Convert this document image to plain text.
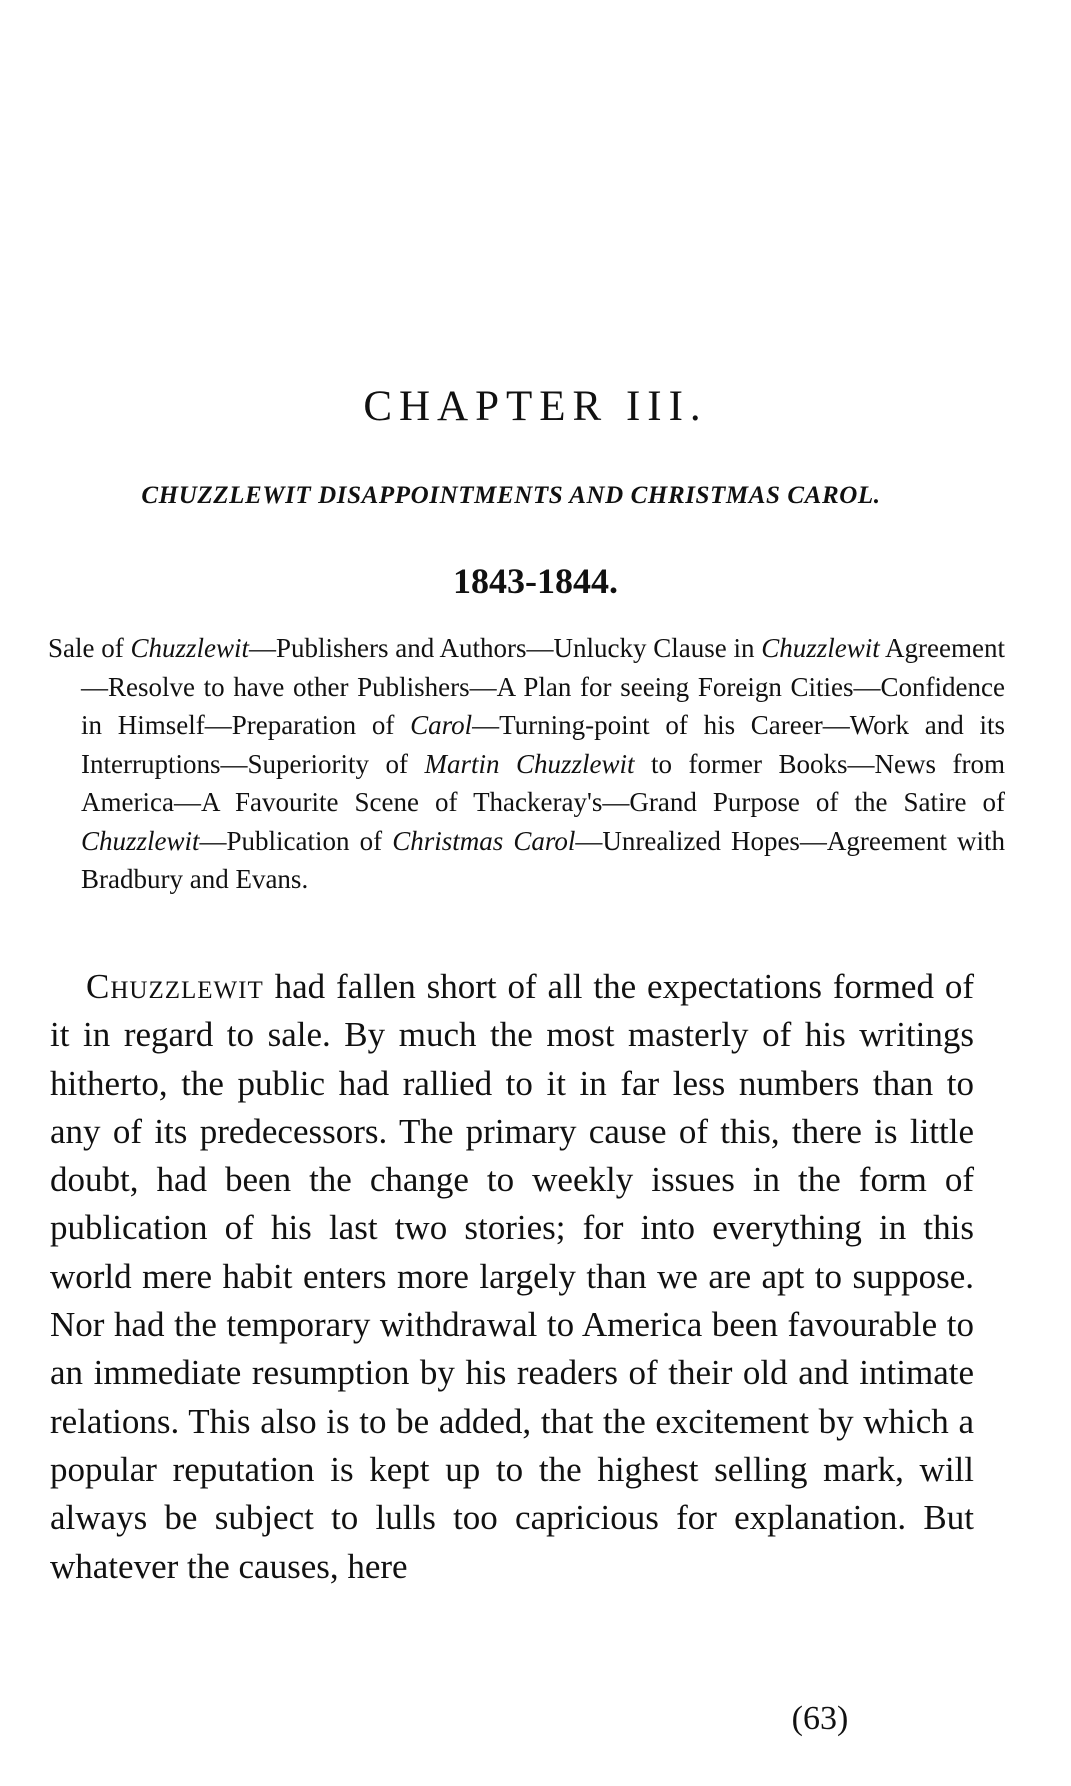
CHAPTER III.
CHUZZLEWIT DISAPPOINTMENTS AND CHRISTMAS CAROL.
1843-1844.

Sale of Chuzzlewit—Publishers and Authors—Unlucky Clause in Chuzzlewit Agreement—Resolve to have other Publishers—A Plan for seeing Foreign Cities—Confidence in Himself—Preparation of Carol—Turning-point of his Career—Work and its Interruptions—Superiority of Martin Chuzzlewit to former Books—News from America—A Favourite Scene of Thackeray's—Grand Purpose of the Satire of Chuzzlewit—Publication of Christmas Carol—Unrealized Hopes—Agreement with Bradbury and Evans.

Chuzzlewit had fallen short of all the expectations formed of it in regard to sale. By much the most masterly of his writings hitherto, the public had rallied to it in far less numbers than to any of its predecessors. The primary cause of this, there is little doubt, had been the change to weekly issues in the form of publication of his last two stories; for into everything in this world mere habit enters more largely than we are apt to suppose. Nor had the temporary withdrawal to America been favourable to an immediate resumption by his readers of their old and intimate relations. This also is to be added, that the excitement by which a popular reputation is kept up to the highest selling mark, will always be subject to lulls too capricious for explanation. But whatever the causes, here

(63)
